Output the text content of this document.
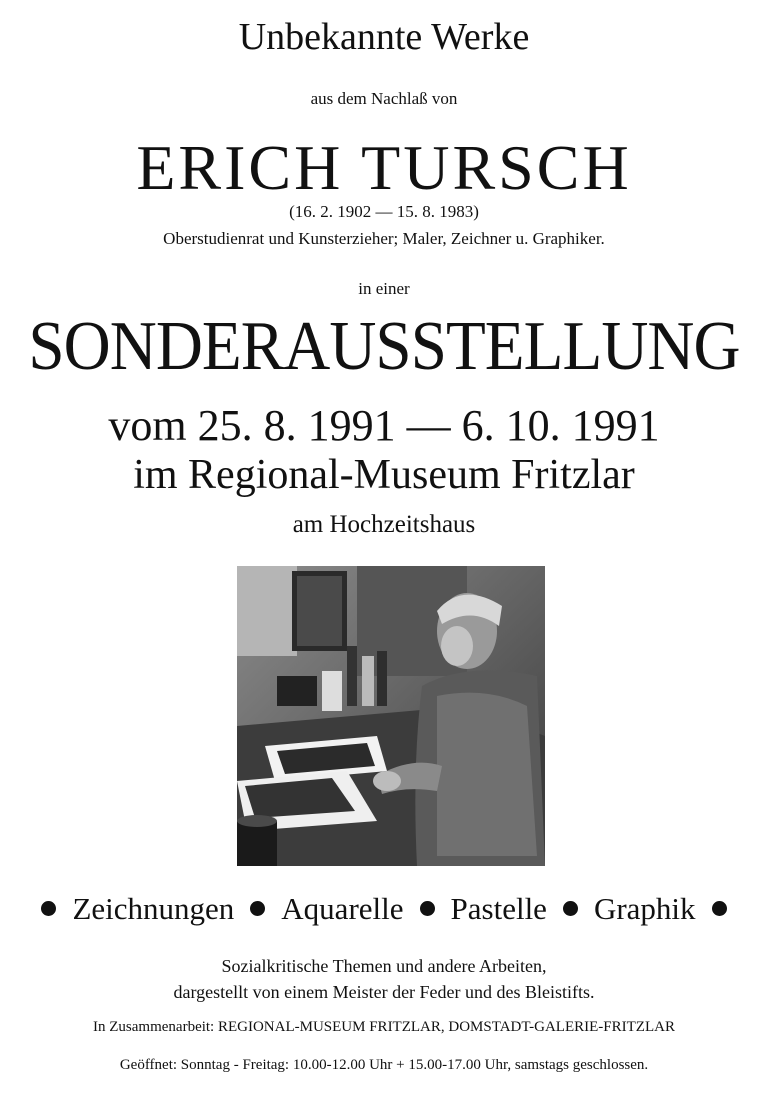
Unbekannte Werke
aus dem Nachlaß von
ERICH TURSCH
(16. 2. 1902 — 15. 8. 1983)
Oberstudienrat und Kunsterzieher; Maler, Zeichner u. Graphiker.
in einer
SONDERAUSSTELLUNG
vom 25. 8. 1991 — 6. 10. 1991
im Regional-Museum Fritzlar
am Hochzeitshaus
Zeichnungen Aquarelle Pastelle Graphik
Sozialkritische Themen und andere Arbeiten,
dargestellt von einem Meister der Feder und des Bleistifts.
In Zusammenarbeit: REGIONAL-MUSEUM FRITZLAR, DOMSTADT-GALERIE-FRITZLAR
Geöffnet: Sonntag - Freitag: 10.00-12.00 Uhr + 15.00-17.00 Uhr, samstags geschlossen.
